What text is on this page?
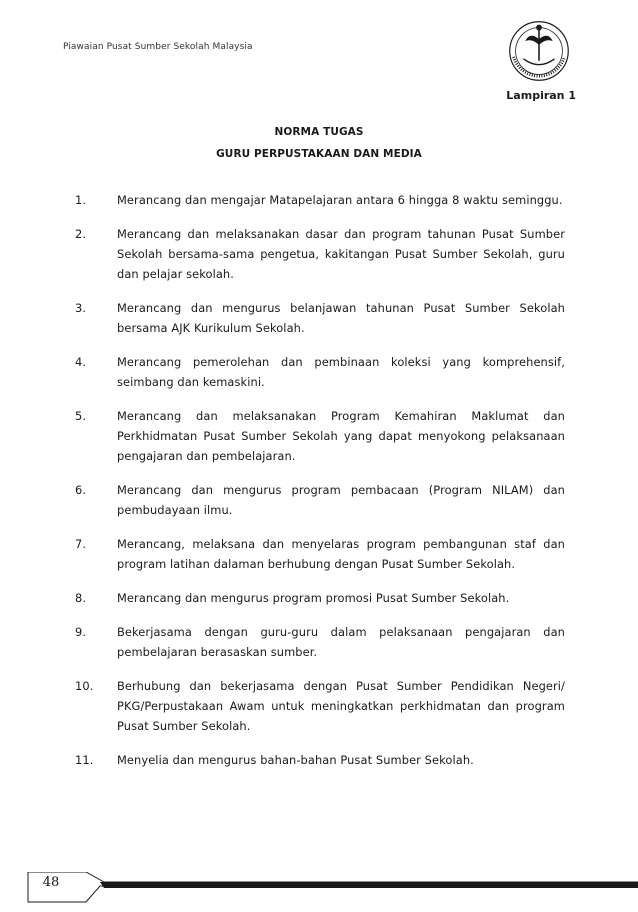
Piawaian Pusat Sumber Sekolah Malaysia
Lampiran 1
NORMA TUGAS
GURU PERPUSTAKAAN DAN MEDIA
1.	Merancang dan mengajar Matapelajaran antara 6 hingga 8 waktu seminggu.
2.	Merancang dan melaksanakan dasar dan program tahunan Pusat Sumber Sekolah bersama-sama pengetua, kakitangan Pusat Sumber Sekolah, guru dan pelajar sekolah.
3.	Merancang dan mengurus belanjawan tahunan Pusat Sumber Sekolah bersama AJK Kurikulum Sekolah.
4.	Merancang pemerolehan dan pembinaan koleksi yang komprehensif, seimbang dan kemaskini.
5.	Merancang dan melaksanakan Program Kemahiran Maklumat dan Perkhidmatan Pusat Sumber Sekolah yang dapat menyokong pelaksanaan pengajaran dan pembelajaran.
6.	Merancang dan mengurus program pembacaan (Program NILAM) dan pembudayaan ilmu.
7.	Merancang, melaksana dan menyelaras program pembangunan staf dan program latihan dalaman berhubung dengan Pusat Sumber Sekolah.
8.	Merancang dan mengurus program promosi Pusat Sumber Sekolah.
9.	Bekerjasama dengan guru-guru dalam pelaksanaan pengajaran dan pembelajaran berasaskan sumber.
10.	Berhubung dan bekerjasama dengan Pusat Sumber Pendidikan Negeri/ PKG/Perpustakaan Awam untuk meningkatkan perkhidmatan dan program Pusat Sumber Sekolah.
11.	Menyelia dan mengurus bahan-bahan Pusat Sumber Sekolah.
48
